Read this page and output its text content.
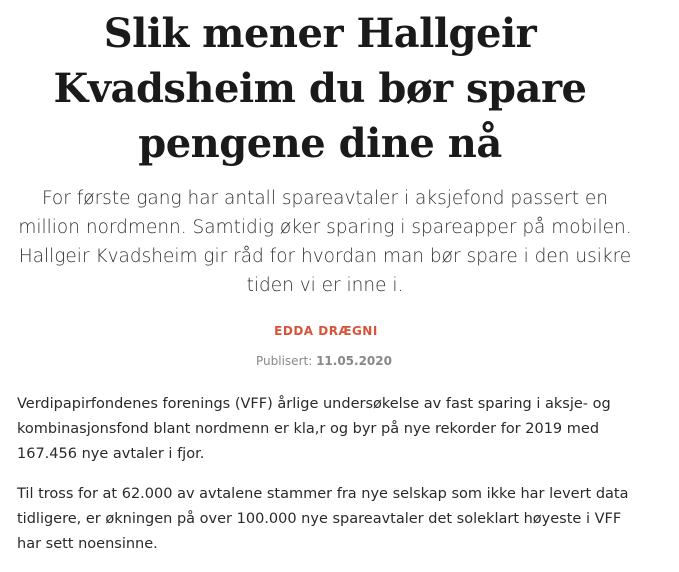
Slik mener Hallgeir Kvadsheim du bør spare pengene dine nå

For første gang har antall spareavtaler i aksjefond passert en million nordmenn. Samtidig øker sparing i spareapper på mobilen. Hallgeir Kvadsheim gir råd for hvordan man bør spare i den usikre tiden vi er inne i.

EDDA DRÆGNI
Publisert: 11.05.2020

Verdipapirfondenes forenings (VFF) årlige undersøkelse av fast sparing i aksje- og kombinasjonsfond blant nordmenn er kla,r og byr på nye rekorder for 2019 med 167.456 nye avtaler i fjor.

Til tross for at 62.000 av avtalene stammer fra nye selskap som ikke har levert data tidligere, er økningen på over 100.000 nye spareavtaler det soleklart høyeste i VFF har sett noensinne.
